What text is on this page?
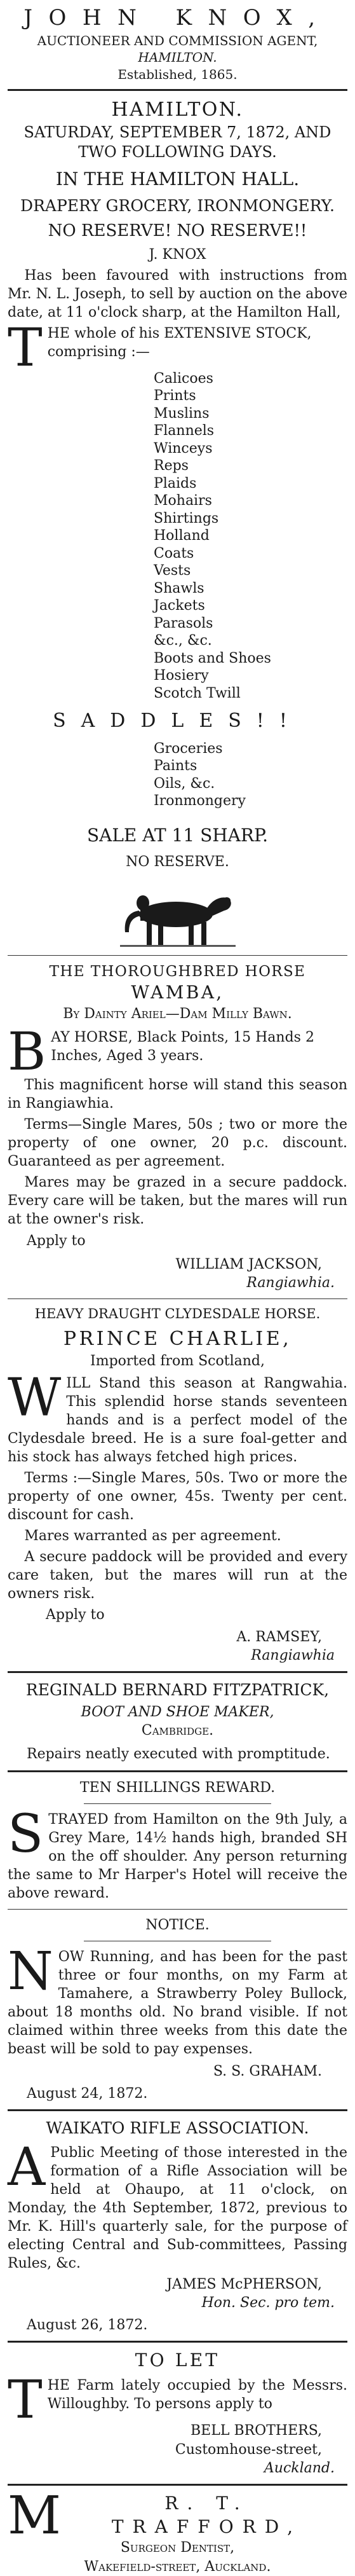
JOHN KNOX,
AUCTIONEER AND COMMISSION AGENT,
HAMILTON.
Established, 1865.
HAMILTON.
SATURDAY, SEPTEMBER 7, 1872, AND TWO FOLLOWING DAYS.
IN THE HAMILTON HALL.
DRAPERY GROCERY, IRONMONGERY.
NO RESERVE! NO RESERVE!!
J. KNOX

Has been favoured with instructions from Mr. N. L. Joseph, to sell by auction on the above date, at 11 o'clock sharp, at the Hamilton Hall,

T HE whole of his EXTENSIVE STOCK,
comprising :—
Calicoes
Prints
Muslins
Flannels
Winceys
Reps
Plaids
Mohairs
Shirtings
Holland
Coats
Vests
Shawls
Jackets
Parasols
&c., &c.
Boots and Shoes
Hosiery
Scotch Twill
SADDLES!!
Groceries
Paints
Oils, &c.
Ironmongery
SALE AT 11 SHARP.
NO RESERVE.
THE THOROUGHBRED HORSE
WAMBA,
By Dainty Ariel—Dam Milly Bawn.
B AY HORSE, Black Points, 15 Hands 2 Inches, Aged 3 years.

This magnificent horse will stand this season in Rangiawhia.

Terms—Single Mares, 50s ; two or more the property of one owner, 20 p.c. discount. Guaranteed as per agreement.

Mares may be grazed in a secure paddock. Every care will be taken, but the mares will run at the owner's risk.

Apply to
WILLIAM JACKSON,
Rangiawhia.
HEAVY DRAUGHT CLYDESDALE HORSE.
PRINCE CHARLIE,
Imported from Scotland,
W ILL Stand this season at Rangwahia. This splendid horse stands seventeen hands and is a perfect model of the Clydesdale breed. He is a sure foal-getter and his stock has always fetched high prices.

Terms :—Single Mares, 50s. Two or more the property of one owner, 45s. Twenty per cent. discount for cash.

Mares warranted as per agreement.

A secure paddock will be provided and every care taken, but the mares will run at the owners risk.

Apply to
A. RAMSEY,
Rangiawhia
REGINALD BERNARD FITZPATRICK,
BOOT AND SHOE MAKER,
Cambridge.
Repairs neatly executed with promptitude.
TEN SHILLINGS REWARD.
S TRAYED from Hamilton on the 9th July, a Grey Mare, 14½ hands high, branded SH on the off shoulder. Any person returning the same to Mr Harper's Hotel will receive the above reward.
NOTICE.
N OW Running, and has been for the past three or four months, on my Farm at Tamahere, a Strawberry Poley Bullock, about 18 months old. No brand visible. If not claimed within three weeks from this date the beast will be sold to pay expenses.
S. S. GRAHAM.
August 24, 1872.
WAIKATO RIFLE ASSOCIATION.
A Public Meeting of those interested in the formation of a Rifle Association will be held at Ohaupo, at 11 o'clock, on Monday, the 4th September, 1872, previous to Mr. K. Hill's quarterly sale, for the purpose of electing Central and Sub-committees, Passing Rules, &c.
JAMES McPHERSON,
Hon. Sec. pro tem.
August 26, 1872.
TO LET
T HE Farm lately occupied by the Messrs. Willoughby. To persons apply to
BELL BROTHERS,
Customhouse-street,
Auckland.
M	R. T. TRAFFORD,
Surgeon Dentist,
Wakefield-street, Auckland.
